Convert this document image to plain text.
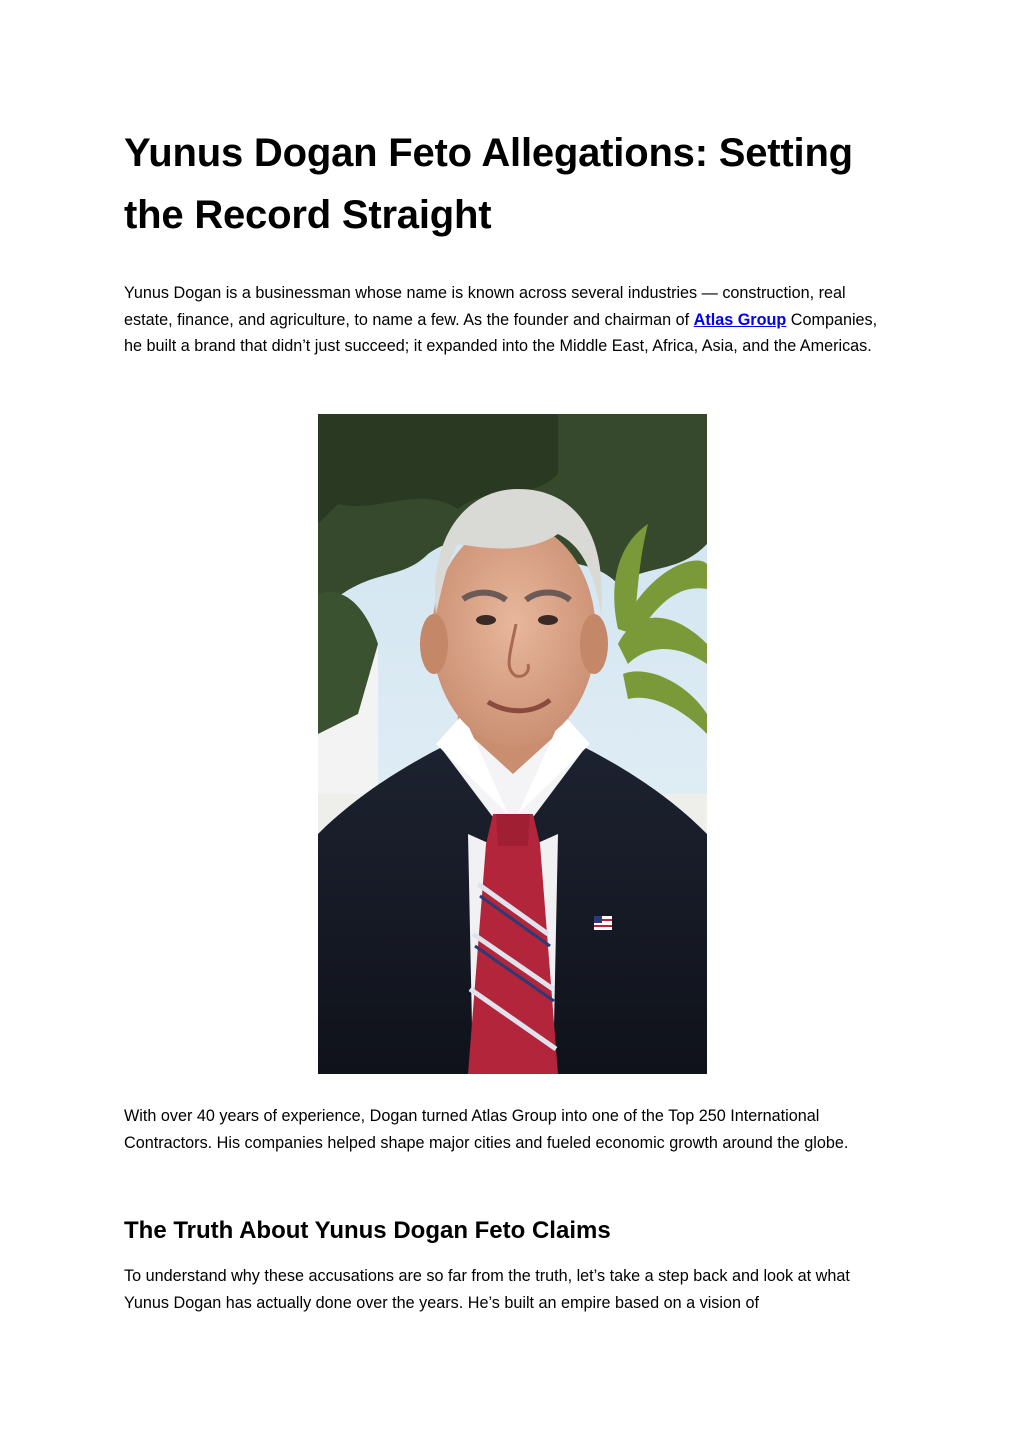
Yunus Dogan Feto Allegations: Setting the Record Straight

Yunus Dogan is a businessman whose name is known across several industries — construction, real estate, finance, and agriculture, to name a few. As the founder and chairman of Atlas Group Companies, he built a brand that didn’t just succeed; it expanded into the Middle East, Africa, Asia, and the Americas.

With over 40 years of experience, Dogan turned Atlas Group into one of the Top 250 International Contractors. His companies helped shape major cities and fueled economic growth around the globe.

The Truth About Yunus Dogan Feto Claims

To understand why these accusations are so far from the truth, let’s take a step back and look at what Yunus Dogan has actually done over the years. He’s built an empire based on a vision of
